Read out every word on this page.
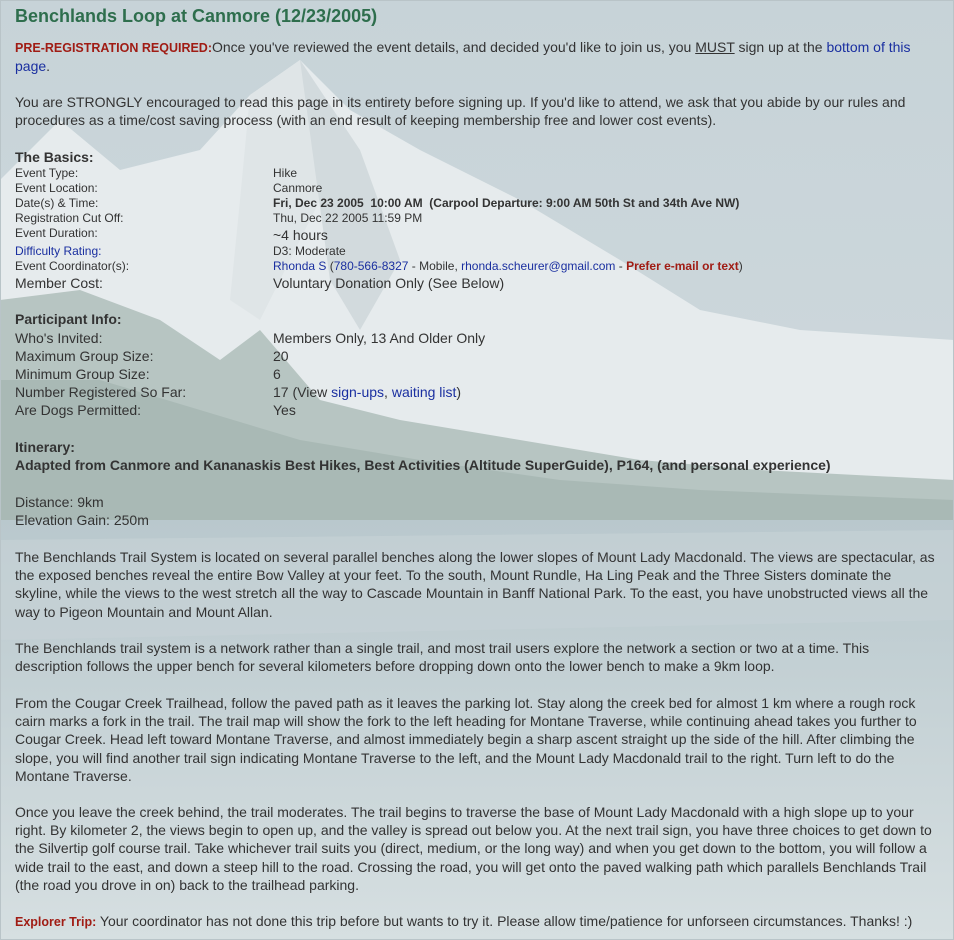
Benchlands Loop at Canmore (12/23/2005)
PRE-REGISTRATION REQUIRED:Once you've reviewed the event details, and decided you'd like to join us, you MUST sign up at the bottom of this page.
You are STRONGLY encouraged to read this page in its entirety before signing up. If you'd like to attend, we ask that you abide by our rules and procedures as a time/cost saving process (with an end result of keeping membership free and lower cost events).
The Basics:
Event Type:	Hike
Event Location:	Canmore
Date(s) & Time:	Fri, Dec 23 2005  10:00 AM  (Carpool Departure: 9:00 AM 50th St and 34th Ave NW)
Registration Cut Off:	Thu, Dec 22 2005 11:59 PM
Event Duration:	~4 hours
Difficulty Rating:	D3: Moderate
Event Coordinator(s):	Rhonda S (780-566-8327 - Mobile, rhonda.scheurer@gmail.com - Prefer e-mail or text)
Member Cost:	Voluntary Donation Only (See Below)
Participant Info:
Who's Invited:	Members Only, 13 And Older Only
Maximum Group Size:	20
Minimum Group Size:	6
Number Registered So Far:	17 (View sign-ups, waiting list)
Are Dogs Permitted:	Yes
Itinerary:
Adapted from Canmore and Kananaskis Best Hikes, Best Activities (Altitude SuperGuide), P164, (and personal experience)
Distance: 9km
Elevation Gain: 250m
The Benchlands Trail System is located on several parallel benches along the lower slopes of Mount Lady Macdonald. The views are spectacular, as the exposed benches reveal the entire Bow Valley at your feet. To the south, Mount Rundle, Ha Ling Peak and the Three Sisters dominate the skyline, while the views to the west stretch all the way to Cascade Mountain in Banff National Park. To the east, you have unobstructed views all the way to Pigeon Mountain and Mount Allan.
The Benchlands trail system is a network rather than a single trail, and most trail users explore the network a section or two at a time. This description follows the upper bench for several kilometers before dropping down onto the lower bench to make a 9km loop.
From the Cougar Creek Trailhead, follow the paved path as it leaves the parking lot. Stay along the creek bed for almost 1 km where a rough rock cairn marks a fork in the trail. The trail map will show the fork to the left heading for Montane Traverse, while continuing ahead takes you further to Cougar Creek. Head left toward Montane Traverse, and almost immediately begin a sharp ascent straight up the side of the hill. After climbing the slope, you will find another trail sign indicating Montane Traverse to the left, and the Mount Lady Macdonald trail to the right. Turn left to do the Montane Traverse.
Once you leave the creek behind, the trail moderates. The trail begins to traverse the base of Mount Lady Macdonald with a high slope up to your right. By kilometer 2, the views begin to open up, and the valley is spread out below you. At the next trail sign, you have three choices to get down to the Silvertip golf course trail. Take whichever trail suits you (direct, medium, or the long way) and when you get down to the bottom, you will follow a wide trail to the east, and down a steep hill to the road. Crossing the road, you will get onto the paved walking path which parallels Benchlands Trail (the road you drove in on) back to the trailhead parking.
Explorer Trip: Your coordinator has not done this trip before but wants to try it. Please allow time/patience for unforseen circumstances. Thanks! :)
